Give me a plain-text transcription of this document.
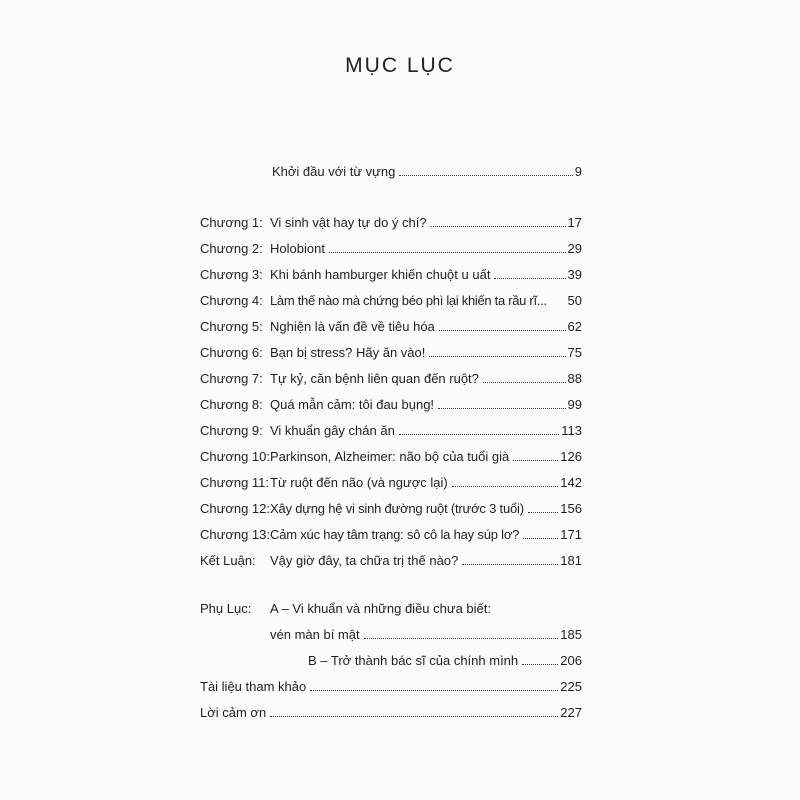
MỤC LỤC
Khởi đầu với từ vựng	9
Chương 1: Vi sinh vật hay tự do ý chí?	17
Chương 2: Holobiont	29
Chương 3: Khi bánh hamburger khiến chuột u uất	39
Chương 4: Làm thế nào mà chứng béo phì lại khiến ta rầu rĩ... 50
Chương 5: Nghiện là vấn đề về tiêu hóa	62
Chương 6: Bạn bị stress? Hãy ăn vào!	75
Chương 7: Tự kỷ, căn bệnh liên quan đến ruột?	88
Chương 8: Quá mẫn cảm: tôi đau bụng!	99
Chương 9: Vi khuẩn gây chán ăn	113
Chương 10: Parkinson, Alzheimer: não bộ của tuổi già	126
Chương 11: Từ ruột đến não (và ngược lại)	142
Chương 12: Xây dựng hệ vi sinh đường ruột (trước 3 tuổi)	156
Chương 13: Cảm xúc hay tâm trạng: sô cô la hay súp lơ?	171
Kết Luận:	Vậy giờ đây, ta chữa trị thế nào?	181
Phụ Lục:	A – Vi khuẩn và những điều chưa biết:
vén màn bí mật	185
B – Trở thành bác sĩ của chính mình	206
Tài liệu tham khảo	225
Lời cảm ơn	227
